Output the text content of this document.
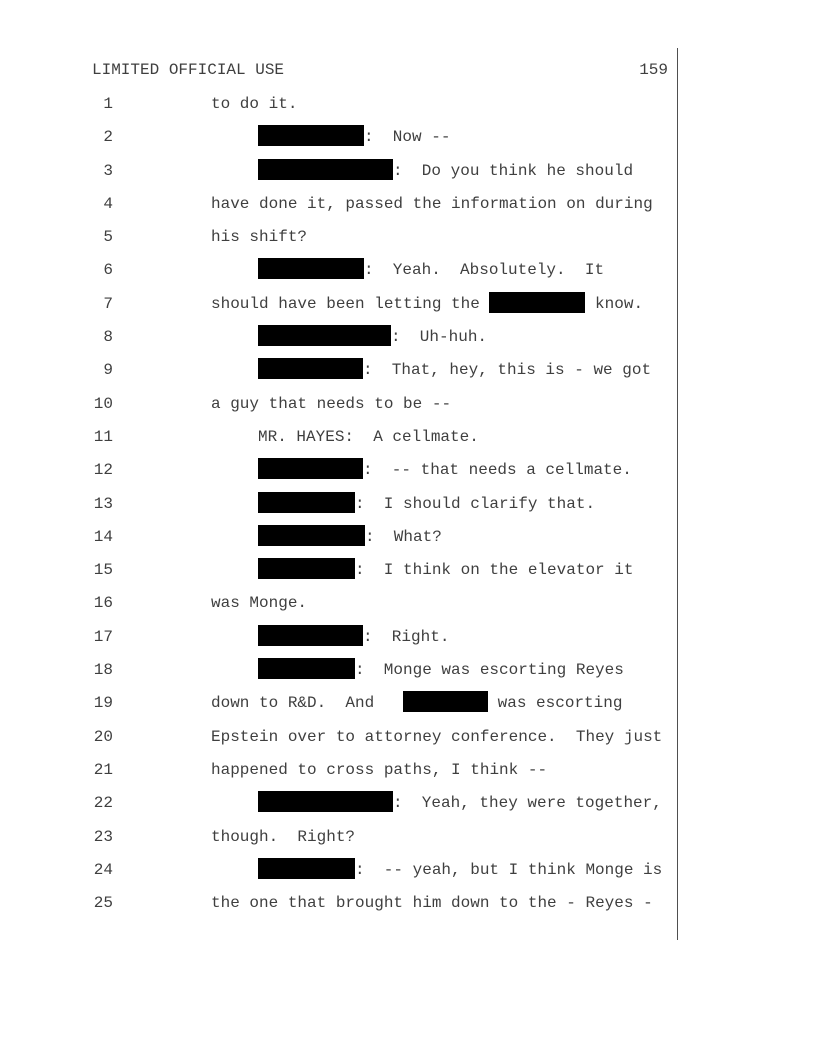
LIMITED OFFICIAL USE	159
1	to do it.
2	:  Now --
3	:  Do you think he should
4	have done it, passed the information on during
5	his shift?
6	:  Yeah.  Absolutely.  It
7	should have been letting the	know.
8	:  Uh-huh.
9	:  That, hey, this is - we got
10	a guy that needs to be --
11	MR. HAYES:  A cellmate.
12	:  -- that needs a cellmate.
13	:  I should clarify that.
14	:  What?
15	:  I think on the elevator it
16	was Monge.
17	:  Right.
18	:  Monge was escorting Reyes
19	down to R&D.  And	was escorting
20	Epstein over to attorney conference.  They just
21	happened to cross paths, I think --
22	:  Yeah, they were together,
23	though.  Right?
24	:  -- yeah, but I think Monge is
25	the one that brought him down to the - Reyes -
